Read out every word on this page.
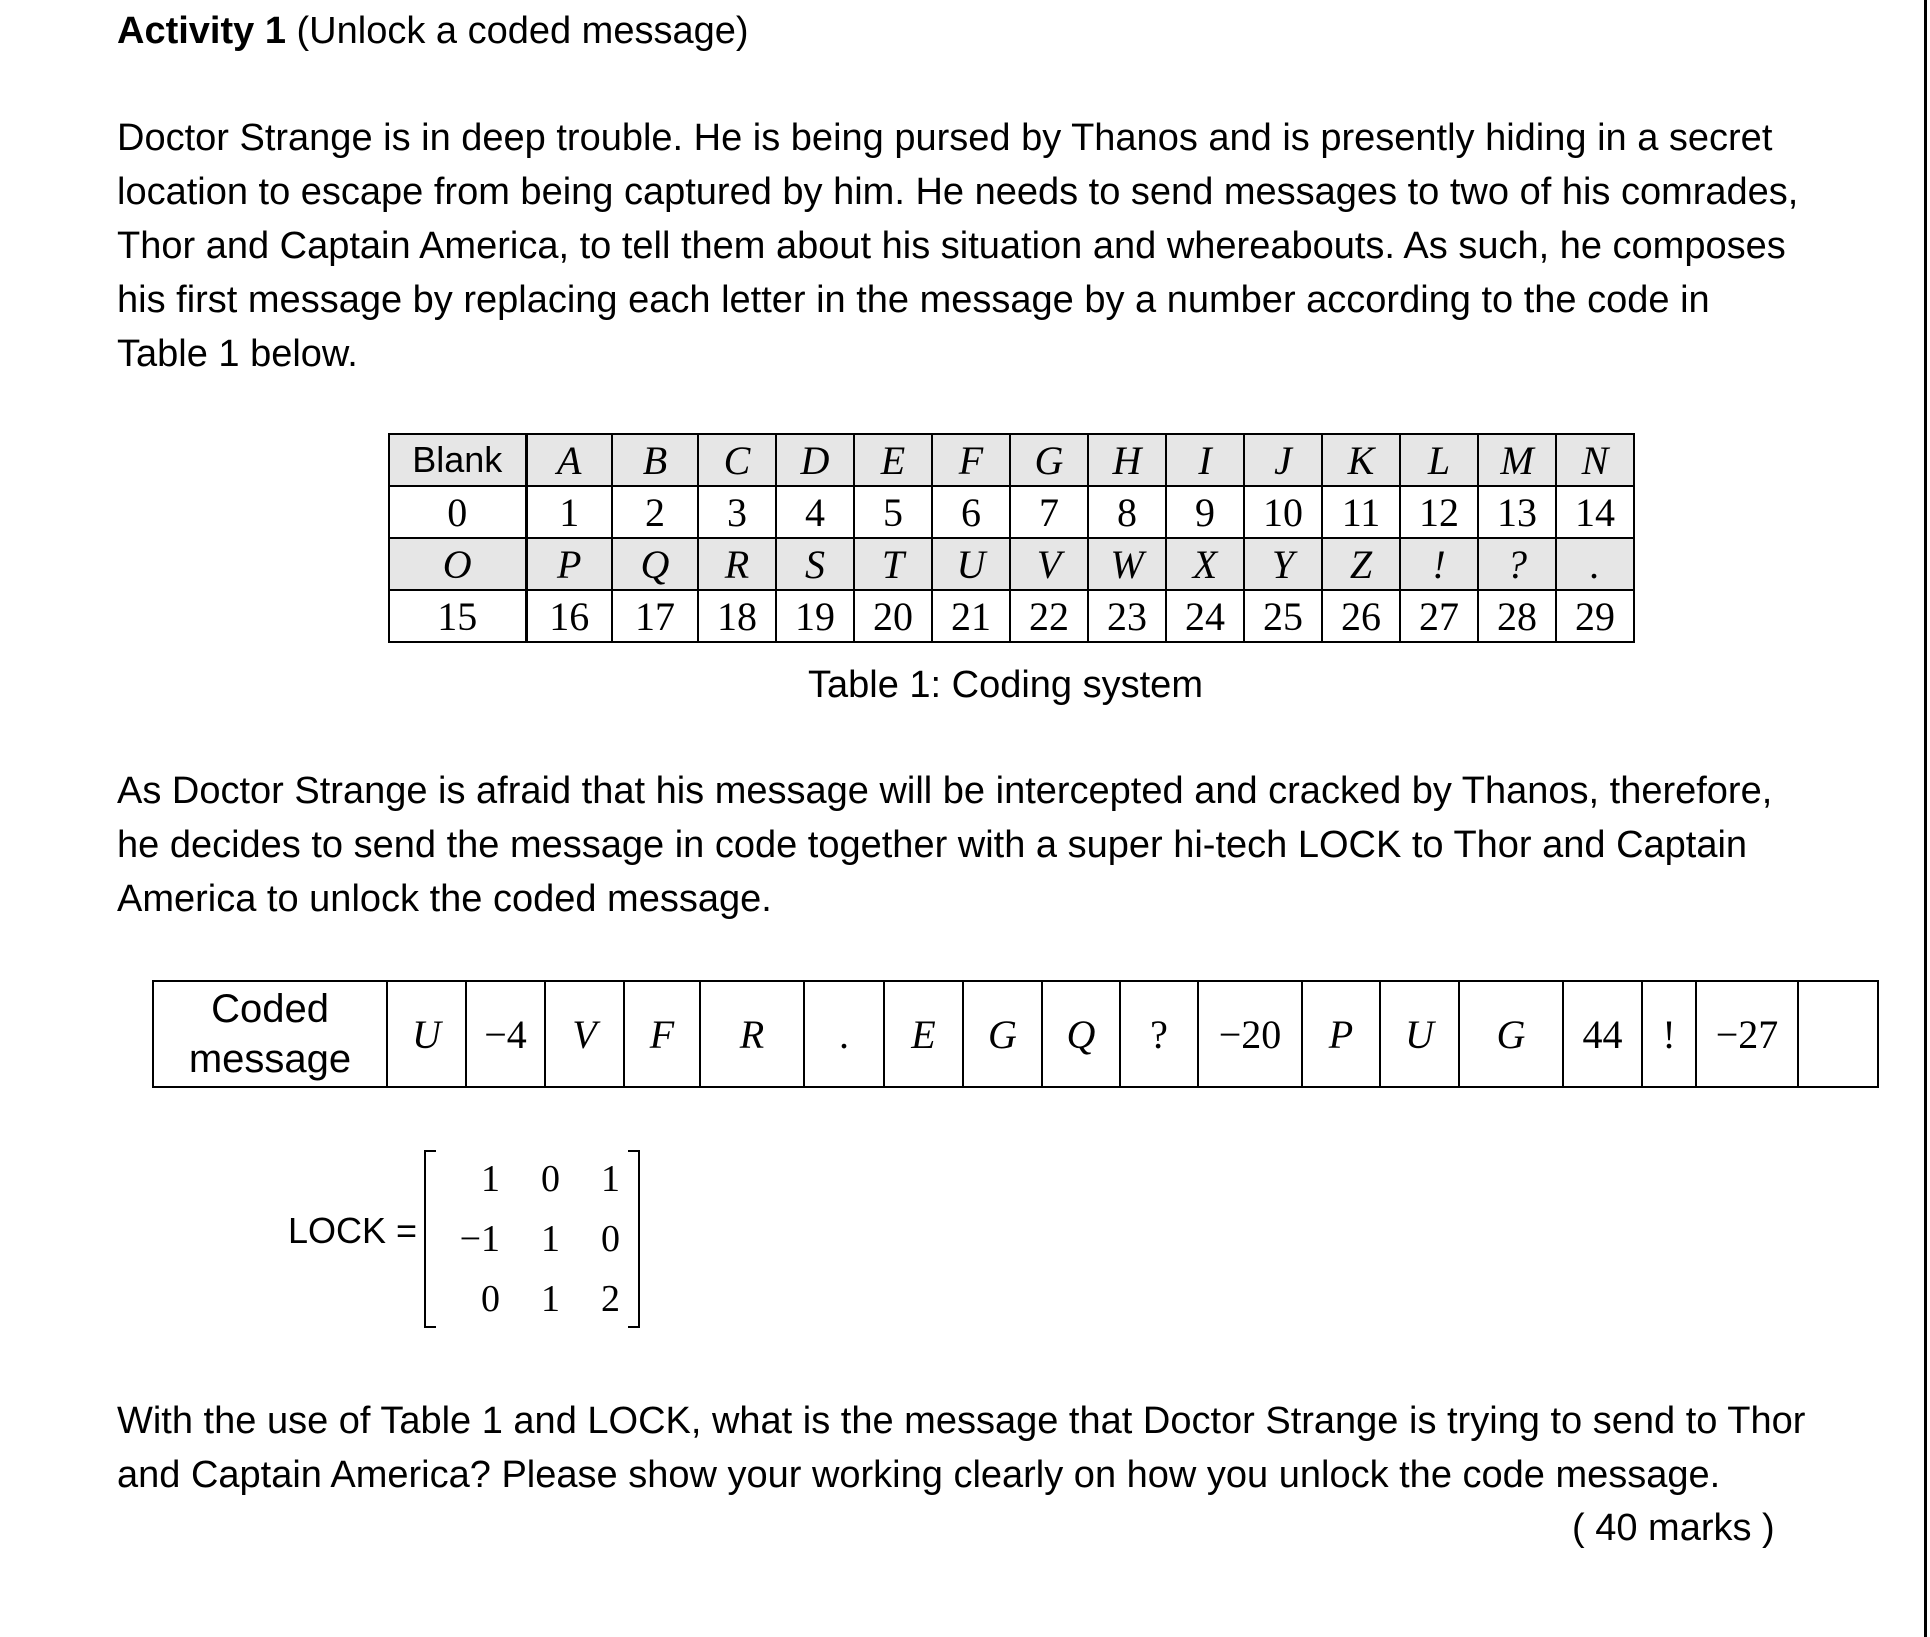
Activity 1 (Unlock a coded message)
Doctor Strange is in deep trouble. He is being pursed by Thanos and is presently hiding in a secret
location to escape from being captured by him. He needs to send messages to two of his comrades,
Thor and Captain America, to tell them about his situation and whereabouts. As such, he composes
his first message by replacing each letter in the message by a number according to the code in
Table 1 below.
Blank	A	B	C	D	E	F	G	H	I	J	K	L	M	N
0	1	2	3	4	5	6	7	8	9	10	11	12	13	14
O	P	Q	R	S	T	U	V	W	X	Y	Z	!	?	.
15	16	17	18	19	20	21	22	23	24	25	26	27	28	29
Table 1: Coding system
As Doctor Strange is afraid that his message will be intercepted and cracked by Thanos, therefore,
he decides to send the message in code together with a super hi-tech LOCK to Thor and Captain
America to unlock the coded message.
Coded
message	U	−4	V	F	R	.	E	G	Q	?	−20	P	U	G	44	!	−27	
LOCK =
1	0	1
−1	1	0
0	1	2
With the use of Table 1 and LOCK, what is the message that Doctor Strange is trying to send to Thor
and Captain America? Please show your working clearly on how you unlock the code message.
( 40 marks )
